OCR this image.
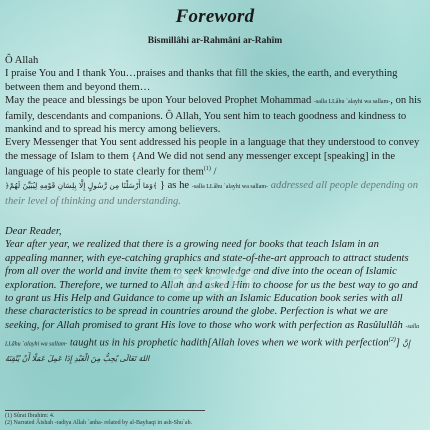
Foreword
Bismillâhi ar-Rahmâni ar-Rahîm

Ô Allah

I praise You and I thank You…praises and thanks that fill the skies, the earth, and everything between them and beyond them…

May the peace and blessings be upon Your beloved Prophet Mohammad -salla LLâhu `alayhi wa sallam-, on his family, descendants and companions. Ô Allah, You sent him to teach goodness and kindness to mankind and to spread his mercy among believers.

Every Messenger that You sent addressed his people in a language that they understood to convey the message of Islam to them {And We did not send any messenger except [speaking] in the language of his people to state clearly for them$^{(1)}$ /

﴿وَمَا أَرْسَلْنَا مِن رَّسُولٍ إِلَّا بِلِسَانِ قَوْمِهِ لِيُبَيِّنَ لَهُمْ﴾ } as he -salla LLâhu `alayhi wa sallam- addressed all people depending on their level of thinking and understanding.

Dear Reader,

Year after year, we realized that there is a growing need for books that teach Islam in an appealing manner, with eye-catching graphics and state-of-the-art approach to attract students from all over the world and invite them to seek knowledge and dive into the ocean of Islamic exploration. Therefore, we turned to Allah and asked Him to choose for us the best way to go and to grant us His Help and Guidance to come up with an Islamic Education book series with all these characteristics to be spread in countries around the globe. Perfection is what we are seeking, for Allah promised to grant His love to those who work with perfection as Rasûlullâh -salla LLâhu `alayhi wa sallam- taught us in his prophetic hadith[Allah loves when we work with perfection$^{(2)}$] إِنَّ اللهَ تَعَالَى يُحِبُّ مِنَ الْعَبْدِ إِذَا عَمِلَ عَمَلًا أَنْ يُتْقِنَهُ

aratr
(1) Sûrat Ibrahim: 4.
(2) Narrated Âishah -radiya Allah `anha- related by al-Bayhaqi in ash-Shu`ab.
